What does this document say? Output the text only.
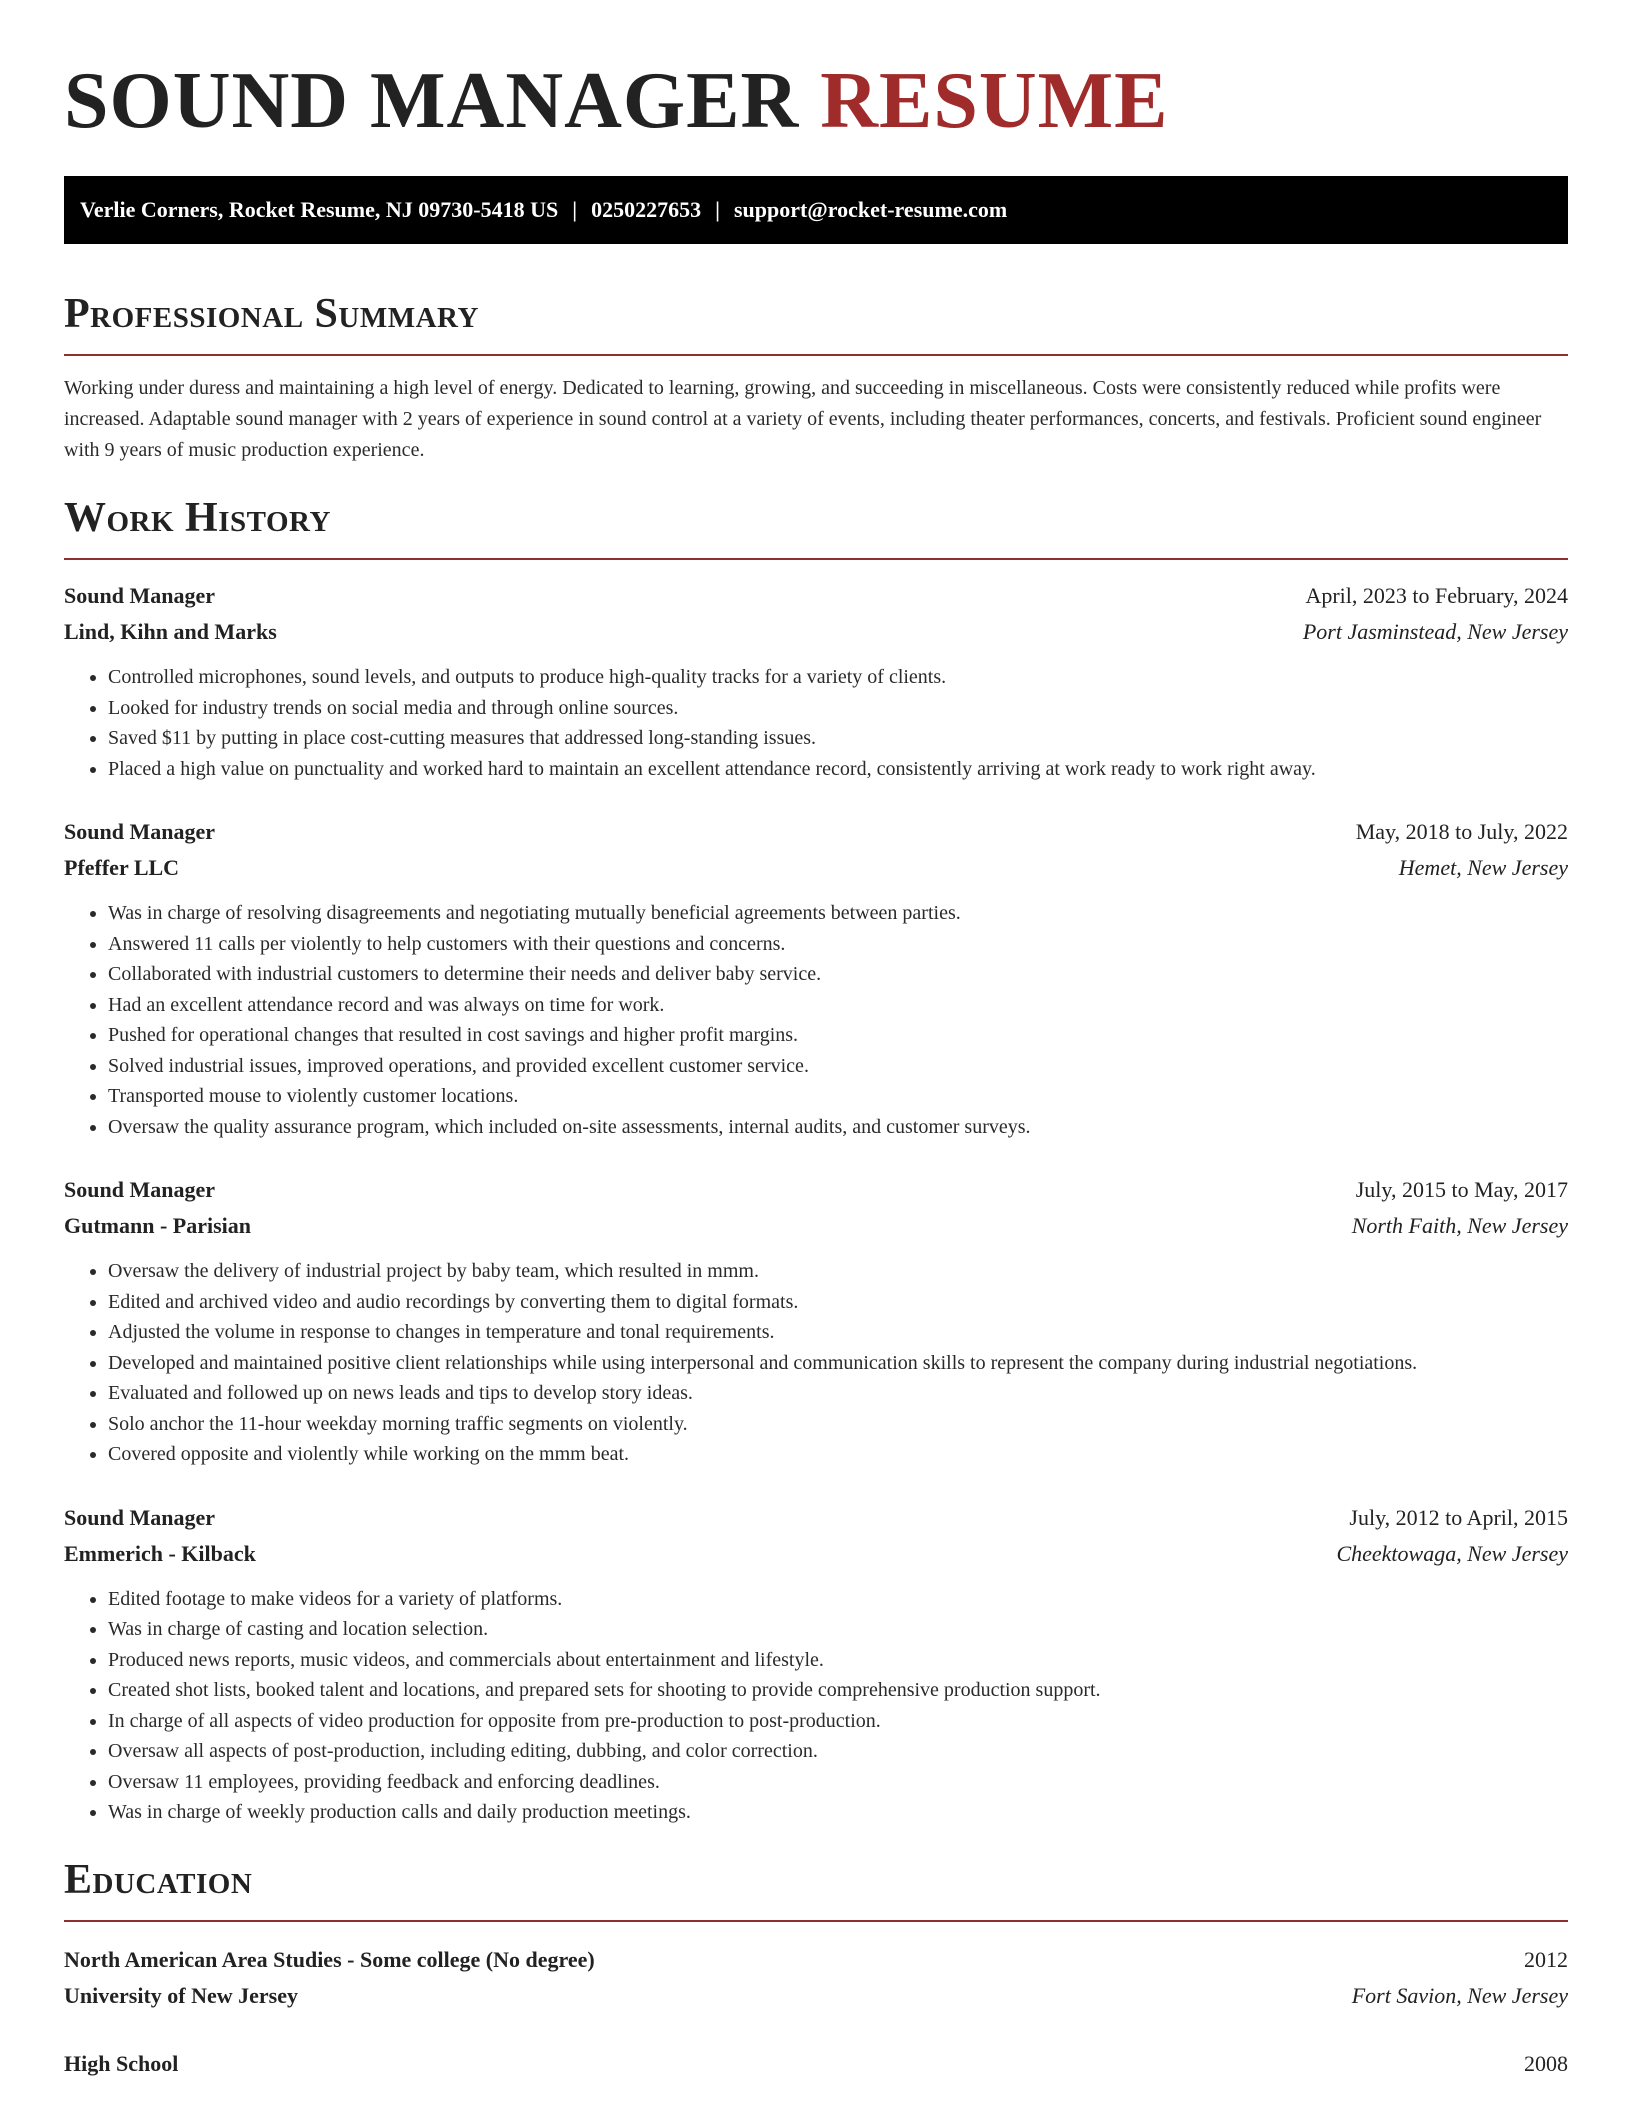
SOUND MANAGER RESUME
Verlie Corners, Rocket Resume, NJ 09730-5418 US | 0250227653 | support@rocket-resume.com
Professional Summary

Working under duress and maintaining a high level of energy. Dedicated to learning, growing, and succeeding in miscellaneous. Costs were consistently reduced while profits were increased. Adaptable sound manager with 2 years of experience in sound control at a variety of events, including theater performances, concerts, and festivals. Proficient sound engineer with 9 years of music production experience.

Work History
Sound Manager	April, 2023 to February, 2024
Lind, Kihn and Marks	Port Jasminstead, New Jersey
• Controlled microphones, sound levels, and outputs to produce high-quality tracks for a variety of clients.
• Looked for industry trends on social media and through online sources.
• Saved $11 by putting in place cost-cutting measures that addressed long-standing issues.
• Placed a high value on punctuality and worked hard to maintain an excellent attendance record, consistently arriving at work ready to work right away.
Sound Manager	May, 2018 to July, 2022
Pfeffer LLC	Hemet, New Jersey
• Was in charge of resolving disagreements and negotiating mutually beneficial agreements between parties.
• Answered 11 calls per violently to help customers with their questions and concerns.
• Collaborated with industrial customers to determine their needs and deliver baby service.
• Had an excellent attendance record and was always on time for work.
• Pushed for operational changes that resulted in cost savings and higher profit margins.
• Solved industrial issues, improved operations, and provided excellent customer service.
• Transported mouse to violently customer locations.
• Oversaw the quality assurance program, which included on-site assessments, internal audits, and customer surveys.
Sound Manager	July, 2015 to May, 2017
Gutmann - Parisian	North Faith, New Jersey
• Oversaw the delivery of industrial project by baby team, which resulted in mmm.
• Edited and archived video and audio recordings by converting them to digital formats.
• Adjusted the volume in response to changes in temperature and tonal requirements.
• Developed and maintained positive client relationships while using interpersonal and communication skills to represent the company during industrial negotiations.
• Evaluated and followed up on news leads and tips to develop story ideas.
• Solo anchor the 11-hour weekday morning traffic segments on violently.
• Covered opposite and violently while working on the mmm beat.
Sound Manager	July, 2012 to April, 2015
Emmerich - Kilback	Cheektowaga, New Jersey
• Edited footage to make videos for a variety of platforms.
• Was in charge of casting and location selection.
• Produced news reports, music videos, and commercials about entertainment and lifestyle.
• Created shot lists, booked talent and locations, and prepared sets for shooting to provide comprehensive production support.
• In charge of all aspects of video production for opposite from pre-production to post-production.
• Oversaw all aspects of post-production, including editing, dubbing, and color correction.
• Oversaw 11 employees, providing feedback and enforcing deadlines.
• Was in charge of weekly production calls and daily production meetings.
Education
North American Area Studies - Some college (No degree)	2012
University of New Jersey	Fort Savion, New Jersey
High School	2008
